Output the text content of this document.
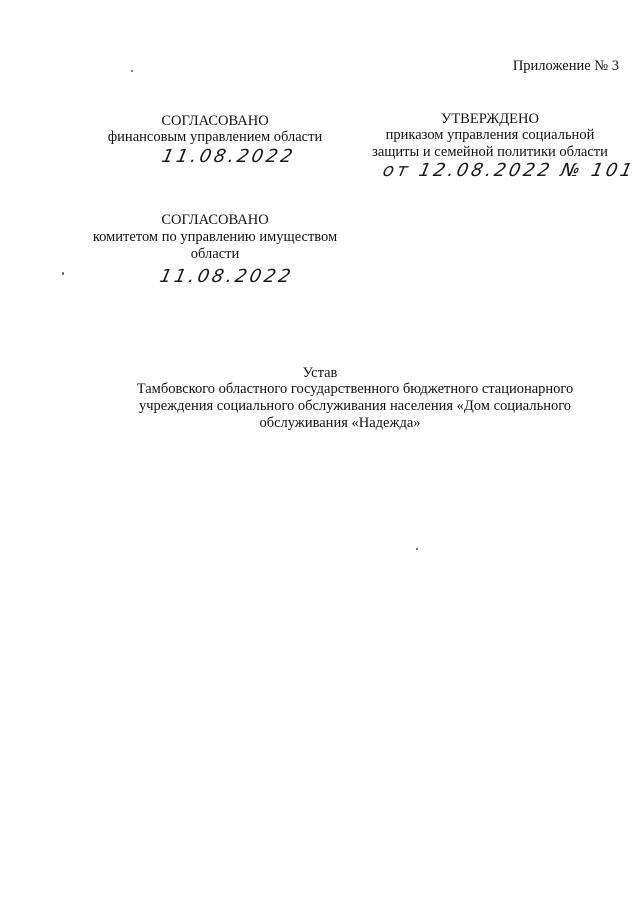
Приложение № 3
СОГЛАСОВАНО
финансовым управлением области
11.08.2022
УТВЕРЖДЕНО
приказом управления социальной
защиты и семейной политики области
от 12.08.2022 № 101
СОГЛАСОВАНО
комитетом по управлению имуществом
области
11.08.2022
Устав
Тамбовского областного государственного бюджетного стационарного
учреждения социального обслуживания населения «Дом социального
обслуживания «Надежда»
